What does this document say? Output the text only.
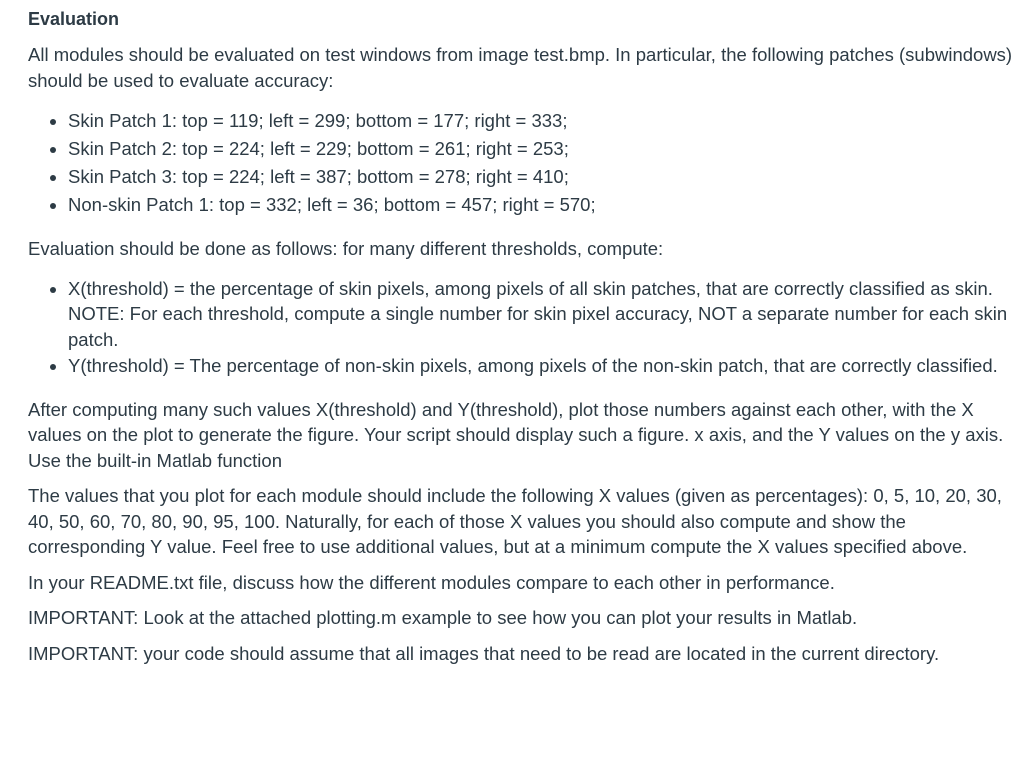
Evaluation

All modules should be evaluated on test windows from image test.bmp. In particular, the following patches (subwindows) should be used to evaluate accuracy:

• Skin Patch 1: top = 119; left = 299; bottom = 177; right = 333;
• Skin Patch 2: top = 224; left = 229; bottom = 261; right = 253;
• Skin Patch 3: top = 224; left = 387; bottom = 278; right = 410;
• Non-skin Patch 1: top = 332; left = 36; bottom = 457; right = 570;

Evaluation should be done as follows: for many different thresholds, compute:

• X(threshold) = the percentage of skin pixels, among pixels of all skin patches, that are correctly classified as skin. NOTE: For each threshold, compute a single number for skin pixel accuracy, NOT a separate number for each skin patch.
• Y(threshold) = The percentage of non-skin pixels, among pixels of the non-skin patch, that are correctly classified.

After computing many such values X(threshold) and Y(threshold), plot those numbers against each other, with the X values on the plot to generate the figure. Your script should display such a figure. x axis, and the Y values on the y axis. Use the built-in Matlab function

The values that you plot for each module should include the following X values (given as percentages): 0, 5, 10, 20, 30, 40, 50, 60, 70, 80, 90, 95, 100. Naturally, for each of those X values you should also compute and show the corresponding Y value. Feel free to use additional values, but at a minimum compute the X values specified above.

In your README.txt file, discuss how the different modules compare to each other in performance.

IMPORTANT: Look at the attached plotting.m example to see how you can plot your results in Matlab.

IMPORTANT: your code should assume that all images that need to be read are located in the current directory.
